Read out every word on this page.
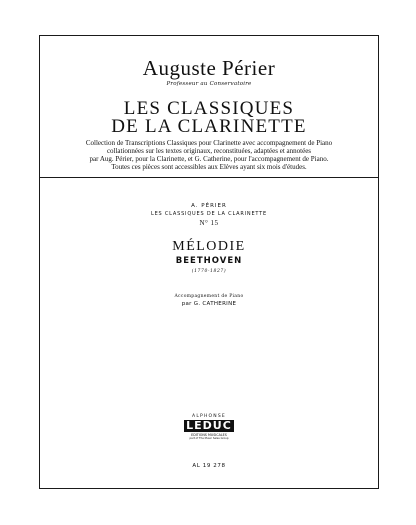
Auguste Périer
Professeur au Conservatoire
LES CLASSIQUES
DE LA CLARINETTE
Collection de Transcriptions Classiques pour Clarinette avec accompagnement de Piano
collationnées sur les textes originaux, reconstituées, adaptées et annotées
par Aug. Périer, pour la Clarinette, et G. Catherine, pour l'accompagnement de Piano.
Toutes ces pièces sont accessibles aux Elèves ayant six mois d'études.
A. PÉRIER
LES CLASSIQUES DE LA CLARINETTE
N° 15
MÉLODIE
BEETHOVEN
(1770-1827)
Accompagnement de Piano
par G. CATHERINE
ALPHONSE
LEDUC
EDITIONS MUSICALES
part of The Music Sales Group
AL 19 278
